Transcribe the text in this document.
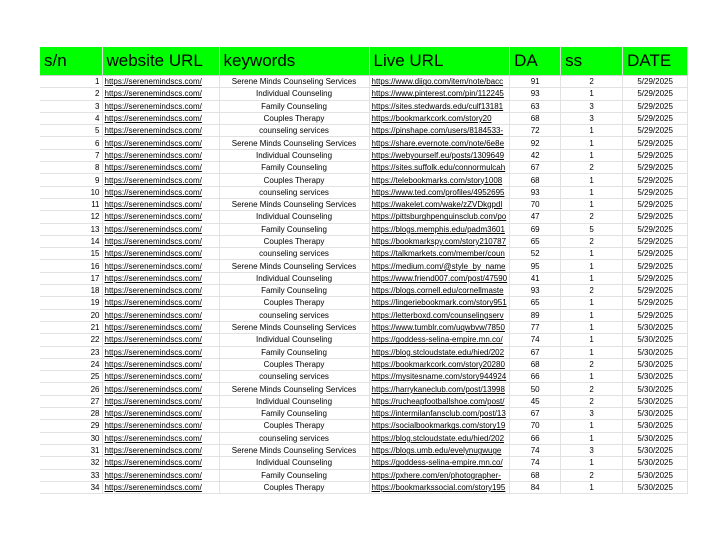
s/n	website URL	keywords	Live URL	DA	ss	DATE
1	https://serenemindscs.com/	Serene Minds Counseling Services	https://www.diigo.com/item/note/bacc	91	2	5/29/2025
2	https://serenemindscs.com/	Individual Counseling	https://www.pinterest.com/pin/112245	93	1	5/29/2025
3	https://serenemindscs.com/	Family Counseling	https://sites.stedwards.edu/culf13181	63	3	5/29/2025
4	https://serenemindscs.com/	Couples Therapy	https://bookmarkcork.com/story20	68	3	5/29/2025
5	https://serenemindscs.com/	counseling services	https://pinshape.com/users/8184533-	72	1	5/29/2025
6	https://serenemindscs.com/	Serene Minds Counseling Services	https://share.evernote.com/note/6e8e	92	1	5/29/2025
7	https://serenemindscs.com/	Individual Counseling	https://webyourself.eu/posts/1309649	42	1	5/29/2025
8	https://serenemindscs.com/	Family Counseling	https://sites.suffolk.edu/connormulcah	67	2	5/29/2025
9	https://serenemindscs.com/	Couples Therapy	https://telebookmarks.com/story1008	68	1	5/29/2025
10	https://serenemindscs.com/	counseling services	https://www.ted.com/profiles/4952695	93	1	5/29/2025
11	https://serenemindscs.com/	Serene Minds Counseling Services	https://wakelet.com/wake/zZVDkgpdl	70	1	5/29/2025
12	https://serenemindscs.com/	Individual Counseling	https://pittsburghpenguinsclub.com/po	47	2	5/29/2025
13	https://serenemindscs.com/	Family Counseling	https://blogs.memphis.edu/padm3601	69	5	5/29/2025
14	https://serenemindscs.com/	Couples Therapy	https://bookmarkspy.com/story210787	65	2	5/29/2025
15	https://serenemindscs.com/	counseling services	https://talkmarkets.com/member/coun	52	1	5/29/2025
16	https://serenemindscs.com/	Serene Minds Counseling Services	https://medium.com/@style_by_name	95	1	5/29/2025
17	https://serenemindscs.com/	Individual Counseling	https://www.friend007.com/post/47590	41	1	5/29/2025
18	https://serenemindscs.com/	Family Counseling	https://blogs.cornell.edu/cornellmaste	93	2	5/29/2025
19	https://serenemindscs.com/	Couples Therapy	https://lingeriebookmark.com/story951	65	1	5/29/2025
20	https://serenemindscs.com/	counseling services	https://letterboxd.com/counselingserv	89	1	5/29/2025
21	https://serenemindscs.com/	Serene Minds Counseling Services	https://www.tumblr.com/uqwbvw/7850	77	1	5/30/2025
22	https://serenemindscs.com/	Individual Counseling	https://goddess-selina-empire.mn.co/	74	1	5/30/2025
23	https://serenemindscs.com/	Family Counseling	https://blog.stcloudstate.edu/hied/202	67	1	5/30/2025
24	https://serenemindscs.com/	Couples Therapy	https://bookmarkcork.com/story20280	68	2	5/30/2025
25	https://serenemindscs.com/	counseling services	https://mysitesname.com/story944924	66	1	5/30/2025
26	https://serenemindscs.com/	Serene Minds Counseling Services	https://harrykaneclub.com/post/13998	50	2	5/30/2025
27	https://serenemindscs.com/	Individual Counseling	https://rucheapfootballshoe.com/post/	45	2	5/30/2025
28	https://serenemindscs.com/	Family Counseling	https://intermilanfansclub.com/post/13	67	3	5/30/2025
29	https://serenemindscs.com/	Couples Therapy	https://socialbookmarkgs.com/story19	70	1	5/30/2025
30	https://serenemindscs.com/	counseling services	https://blog.stcloudstate.edu/hied/202	66	1	5/30/2025
31	https://serenemindscs.com/	Serene Minds Counseling Services	https://blogs.umb.edu/evelynugwuge	74	3	5/30/2025
32	https://serenemindscs.com/	Individual Counseling	https://goddess-selina-empire.mn.co/	74	1	5/30/2025
33	https://serenemindscs.com/	Family Counseling	https://pxhere.com/en/photographer-	68	2	5/30/2025
34	https://serenemindscs.com/	Couples Therapy	https://bookmarkssocial.com/story195	84	1	5/30/2025
